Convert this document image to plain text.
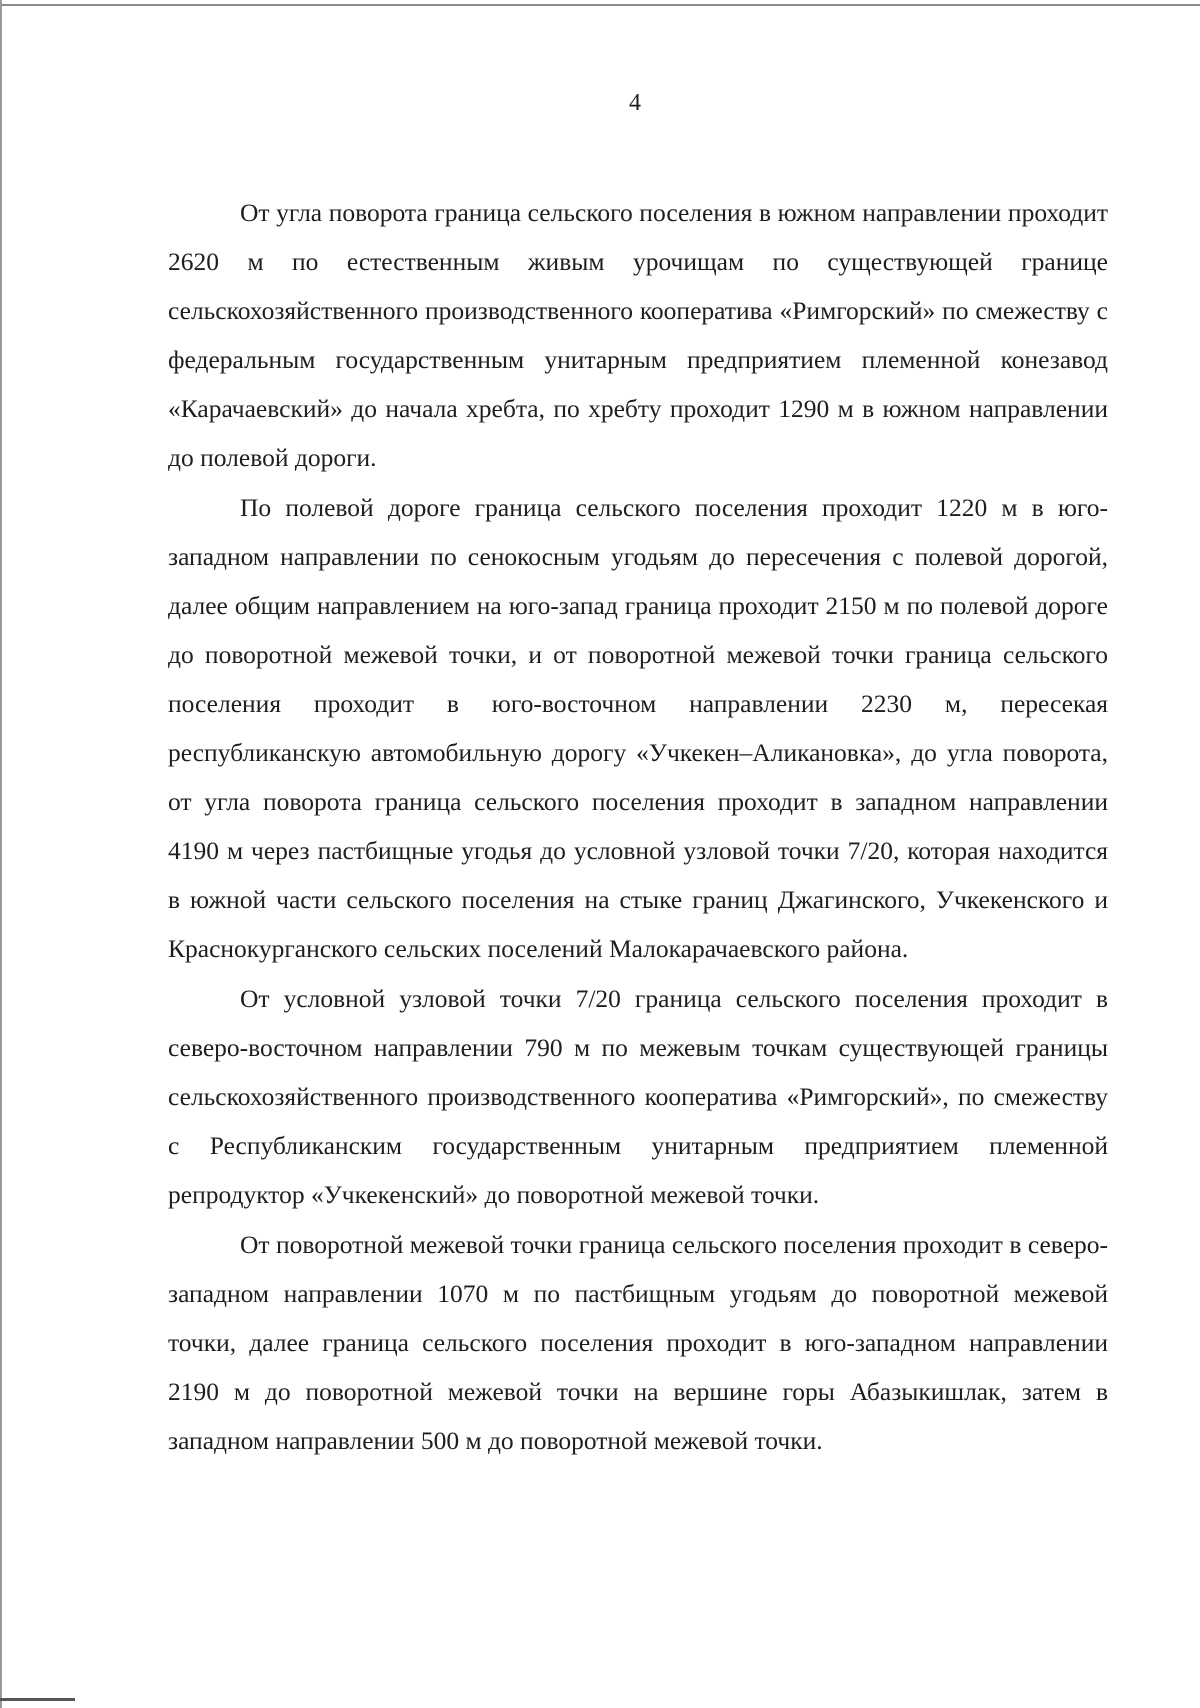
4

От угла поворота граница сельского поселения в южном направлении проходит 2620 м по естественным живым урочищам по существующей границе сельскохозяйственного производственного кооператива «Римгорский» по смежеству с федеральным государственным унитарным предприятием племенной конезавод «Карачаевский» до начала хребта, по хребту проходит 1290 м в южном направлении до полевой дороги.

По полевой дороге граница сельского поселения проходит 1220 м в юго-западном направлении по сенокосным угодьям до пересечения с полевой дорогой, далее общим направлением на юго-запад граница проходит 2150 м по полевой дороге до поворотной межевой точки, и от поворотной межевой точки граница сельского поселения проходит в юго-восточном направлении 2230 м, пересекая республиканскую автомобильную дорогу «Учкекен–Аликановка», до угла поворота, от угла поворота граница сельского поселения проходит в западном направлении 4190 м через пастбищные угодья до условной узловой точки 7/20, которая находится в южной части сельского поселения на стыке границ Джагинского, Учкекенского и Краснокурганского сельских поселений Малокарачаевского района.

От условной узловой точки 7/20 граница сельского поселения проходит в северо-восточном направлении 790 м по межевым точкам существующей границы сельскохозяйственного производственного кооператива «Римгорский», по смежеству с Республиканским государственным унитарным предприятием племенной репродуктор «Учкекенский» до поворотной межевой точки.

От поворотной межевой точки граница сельского поселения проходит в северо-западном направлении 1070 м по пастбищным угодьям до поворотной межевой точки, далее граница сельского поселения проходит в юго-западном направлении 2190 м до поворотной межевой точки на вершине горы Абазыкишлак, затем в западном направлении 500 м до поворотной межевой точки.
